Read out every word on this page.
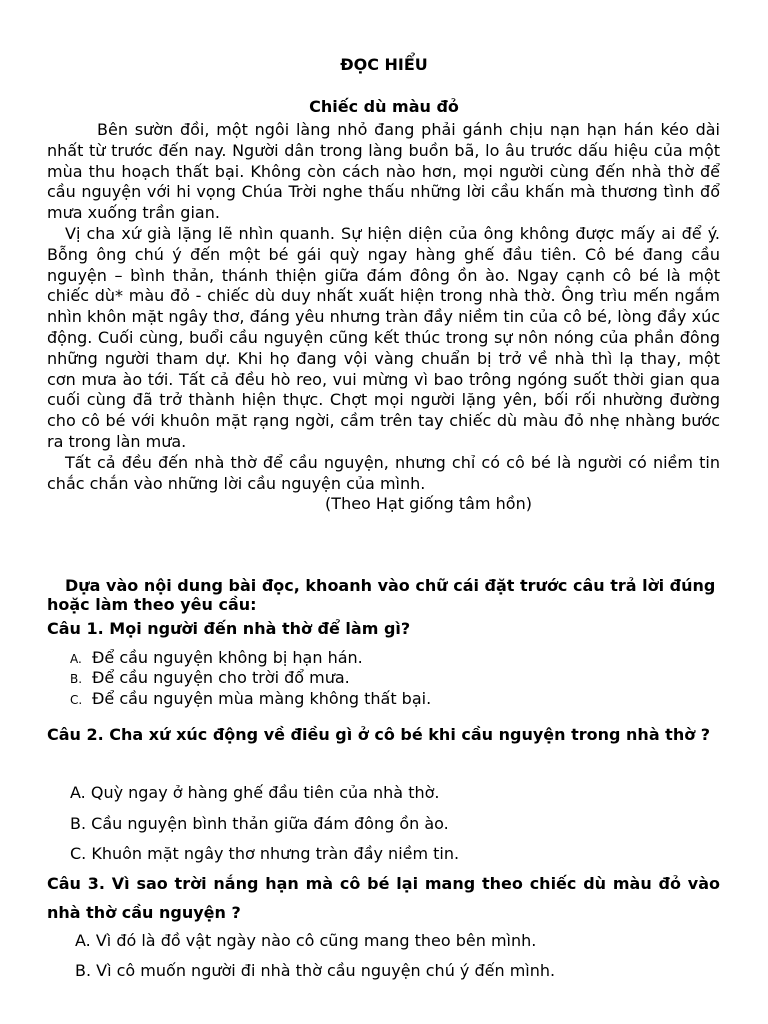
ĐỌC HIỂU
Chiếc dù màu đỏ

Bên sườn đồi, một ngôi làng nhỏ đang phải gánh chịu nạn hạn hán kéo dài nhất từ trước đến nay. Người dân trong làng buồn bã, lo âu trước dấu hiệu của một mùa thu hoạch thất bại. Không còn cách nào hơn, mọi người cùng đến nhà thờ để cầu nguyện với hi vọng Chúa Trời nghe thấu những lời cầu khấn mà thương tình đổ mưa xuống trần gian.

Vị cha xứ già lặng lẽ nhìn quanh. Sự hiện diện của ông không được mấy ai để ý. Bỗng ông chú ý đến một bé gái quỳ ngay hàng ghế đầu tiên. Cô bé đang cầu nguyện – bình thản, thánh thiện giữa đám đông ồn ào. Ngay cạnh cô bé là một chiếc dù* màu đỏ - chiếc dù duy nhất xuất hiện trong nhà thờ. Ông trìu mến ngắm nhìn khôn mặt ngây thơ, đáng yêu nhưng tràn đầy niềm tin của cô bé, lòng đầy xúc động. Cuối cùng, buổi cầu nguyện cũng kết thúc trong sự nôn nóng của phần đông những người tham dự. Khi họ đang vội vàng chuẩn bị trở về nhà thì lạ thay, một cơn mưa ào tới. Tất cả đều hò reo, vui mừng vì bao trông ngóng suốt thời gian qua cuối cùng đã trở thành hiện thực. Chợt mọi người lặng yên, bối rối nhường đường cho cô bé với khuôn mặt rạng ngời, cầm trên tay chiếc dù màu đỏ nhẹ nhàng bước ra trong làn mưa.

Tất cả đều đến nhà thờ để cầu nguyện, nhưng chỉ có cô bé là người có niềm tin chắc chắn vào những lời cầu nguyện của mình.

(Theo Hạt giống tâm hồn)

Dựa vào nội dung bài đọc, khoanh vào chữ cái đặt trước câu trả lời đúng hoặc làm theo yêu cầu:
Câu 1. Mọi người đến nhà thờ để làm gì?
A. Để cầu nguyện không bị hạn hán.
B. Để cầu nguyện cho trời đổ mưa.
C. Để cầu nguyện mùa màng không thất bại.
Câu 2. Cha xứ xúc động về điều gì ở cô bé khi cầu nguyện trong nhà thờ ?
A. Quỳ ngay ở hàng ghế đầu tiên của nhà thờ.
B. Cầu nguyện bình thản giữa đám đông ồn ào.
C. Khuôn mặt ngây thơ nhưng tràn đầy niềm tin.
Câu 3. Vì sao trời nắng hạn mà cô bé lại mang theo chiếc dù màu đỏ vào nhà thờ cầu nguyện ?
A. Vì đó là đồ vật ngày nào cô cũng mang theo bên mình.
B. Vì cô muốn người đi nhà thờ cầu nguyện chú ý đến mình.
